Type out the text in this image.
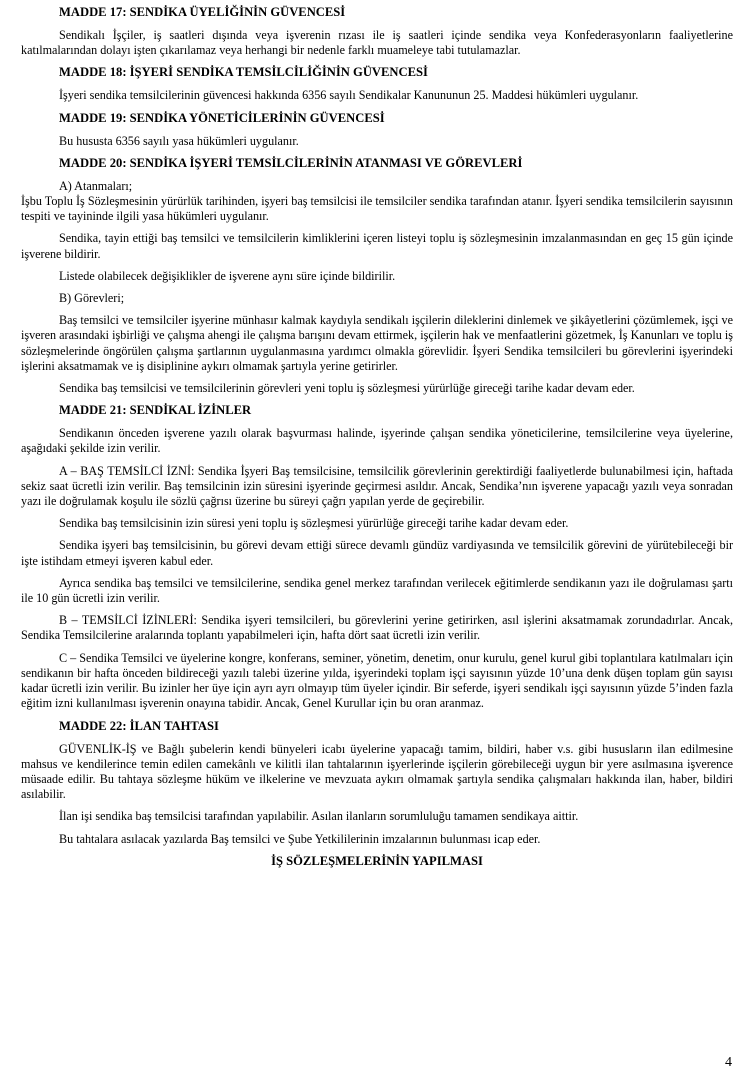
MADDE 17: SENDİKA ÜYELİĞİNİN GÜVENCESİ

Sendikalı İşçiler, iş saatleri dışında veya işverenin rızası ile iş saatleri içinde sendika veya Konfederasyonların faaliyetlerine katılmalarından dolayı işten çıkarılamaz veya herhangi bir nedenle farklı muameleye tabi tutulamazlar.

MADDE 18: İŞYERİ SENDİKA TEMSİLCİLİĞİNİN GÜVENCESİ

İşyeri sendika temsilcilerinin güvencesi hakkında 6356 sayılı Sendikalar Kanununun 25. Maddesi hükümleri uygulanır.

MADDE 19: SENDİKA YÖNETİCİLERİNİN GÜVENCESİ

Bu hususta 6356 sayılı yasa hükümleri uygulanır.

MADDE 20: SENDİKA İŞYERİ TEMSİLCİLERİNİN ATANMASI VE GÖREVLERİ

A) Atanmaları;

İşbu Toplu İş Sözleşmesinin yürürlük tarihinden, işyeri baş temsilcisi ile temsilciler sendika tarafından atanır. İşyeri sendika temsilcilerin sayısının tespiti ve tayininde ilgili yasa hükümleri uygulanır.

Sendika, tayin ettiği baş temsilci ve temsilcilerin kimliklerini içeren listeyi toplu iş sözleşmesinin imzalanmasından en geç 15 gün içinde işverene bildirir.

Listede olabilecek değişiklikler de işverene aynı süre içinde bildirilir.

B) Görevleri;

Baş temsilci ve temsilciler işyerine münhasır kalmak kaydıyla sendikalı işçilerin dileklerini dinlemek ve şikâyetlerini çözümlemek, işçi ve işveren arasındaki işbirliği ve çalışma ahengi ile çalışma barışını devam ettirmek, işçilerin hak ve menfaatlerini gözetmek, İş Kanunları ve toplu iş sözleşmelerinde öngörülen çalışma şartlarının uygulanmasına yardımcı olmakla görevlidir. İşyeri Sendika temsilcileri bu görevlerini işyerindeki işlerini aksatmamak ve iş disiplinine aykırı olmamak şartıyla yerine getirirler.

Sendika baş temsilcisi ve temsilcilerinin görevleri yeni toplu iş sözleşmesi yürürlüğe gireceği tarihe kadar devam eder.

MADDE 21: SENDİKAL İZİNLER

Sendikanın önceden işverene yazılı olarak başvurması halinde, işyerinde çalışan sendika yöneticilerine, temsilcilerine veya üyelerine, aşağıdaki şekilde izin verilir.

A – BAŞ TEMSİLCİ İZNİ: Sendika İşyeri Baş temsilcisine, temsilcilik görevlerinin gerektirdiği faaliyetlerde bulunabilmesi için, haftada sekiz saat ücretli izin verilir. Baş temsilcinin izin süresini işyerinde geçirmesi asıldır. Ancak, Sendika’nın işverene yapacağı yazılı veya sonradan yazı ile doğrulamak koşulu ile sözlü çağrısı üzerine bu süreyi çağrı yapılan yerde de geçirebilir.

Sendika baş temsilcisinin izin süresi yeni toplu iş sözleşmesi yürürlüğe gireceği tarihe kadar devam eder.

Sendika işyeri baş temsilcisinin, bu görevi devam ettiği sürece devamlı gündüz vardiyasında ve temsilcilik görevini de yürütebileceği bir işte istihdam etmeyi işveren kabul eder.

Ayrıca sendika baş temsilci ve temsilcilerine, sendika genel merkez tarafından verilecek eğitimlerde sendikanın yazı ile doğrulaması şartı ile 10 gün ücretli izin verilir.

B – TEMSİLCİ İZİNLERİ: Sendika işyeri temsilcileri, bu görevlerini yerine getirirken, asıl işlerini aksatmamak zorundadırlar. Ancak, Sendika Temsilcilerine aralarında toplantı yapabilmeleri için, hafta dört saat ücretli izin verilir.

C – Sendika Temsilci ve üyelerine kongre, konferans, seminer, yönetim, denetim, onur kurulu, genel kurul gibi toplantılara katılmaları için sendikanın bir hafta önceden bildireceği yazılı talebi üzerine yılda, işyerindeki toplam işçi sayısının yüzde 10’una denk düşen toplam gün sayısı kadar ücretli izin verilir. Bu izinler her üye için ayrı ayrı olmayıp tüm üyeler içindir. Bir seferde, işyeri sendikalı işçi sayısının yüzde 5’inden fazla eğitim izni kullanılması işverenin onayına tabidir. Ancak, Genel Kurullar için bu oran aranmaz.

MADDE 22: İLAN TAHTASI

GÜVENLİK-İŞ ve Bağlı şubelerin kendi bünyeleri icabı üyelerine yapacağı tamim, bildiri, haber v.s. gibi hususların ilan edilmesine mahsus ve kendilerince temin edilen camekânlı ve kilitli ilan tahtalarının işyerlerinde işçilerin görebileceği uygun bir yere asılmasına işverence müsaade edilir. Bu tahtaya sözleşme hüküm ve ilkelerine ve mevzuata aykırı olmamak şartıyla sendika çalışmaları hakkında ilan, haber, bildiri asılabilir.

İlan işi sendika baş temsilcisi tarafından yapılabilir. Asılan ilanların sorumluluğu tamamen sendikaya aittir.

Bu tahtalara asılacak yazılarda Baş temsilci ve Şube Yetkililerinin imzalarının bulunması icap eder.

İŞ SÖZLEŞMELERİNİN YAPILMASI
4
